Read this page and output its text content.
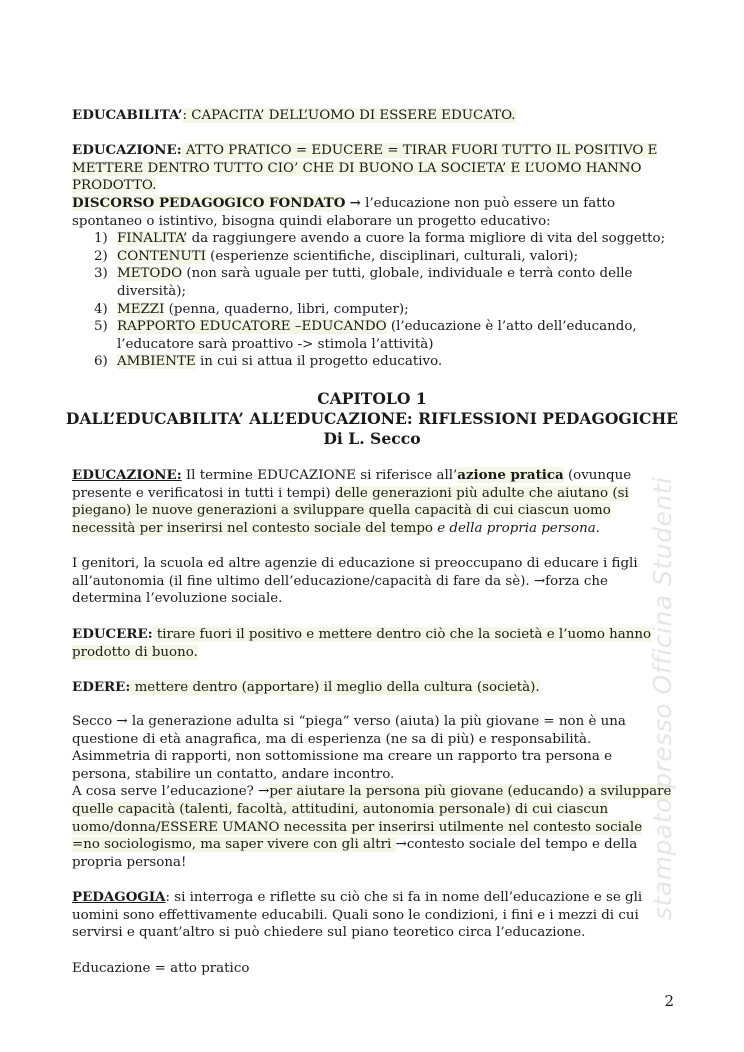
EDUCABILITA’: CAPACITA’ DELL’UOMO DI ESSERE EDUCATO.
EDUCAZIONE: ATTO PRATICO = EDUCERE = TIRAR FUORI TUTTO IL POSITIVO E METTERE DENTRO TUTTO CIO’ CHE DI BUONO LA SOCIETA’ E L’UOMO HANNO PRODOTTO.
DISCORSO PEDAGOGICO FONDATO → l’educazione non può essere un fatto spontaneo o istintivo, bisogna quindi elaborare un progetto educativo:
1) FINALITA’ da raggiungere avendo a cuore la forma migliore di vita del soggetto;
2) CONTENUTI (esperienze scientifiche, disciplinari, culturali, valori);
3) METODO (non sarà uguale per tutti, globale, individuale e terrà conto delle diversità);
4) MEZZI (penna, quaderno, libri, computer);
5) RAPPORTO EDUCATORE –EDUCANDO (l’educazione è l’atto dell’educando, l’educatore sarà proattivo -> stimola l’attività)
6) AMBIENTE in cui si attua il progetto educativo.
CAPITOLO 1
DALL’EDUCABILITA’ ALL’EDUCAZIONE: RIFLESSIONI PEDAGOGICHE
Di L. Secco
EDUCAZIONE: Il termine EDUCAZIONE si riferisce all’azione pratica (ovunque presente e verificatosi in tutti i tempi) delle generazioni più adulte che aiutano (si piegano) le nuove generazioni a sviluppare quella capacità di cui ciascun uomo necessità per inserirsi nel contesto sociale del tempo e della propria persona.
I genitori, la scuola ed altre agenzie di educazione si preoccupano di educare i figli all’autonomia (il fine ultimo dell’educazione/capacità di fare da sè). →forza che determina l’evoluzione sociale.
EDUCERE: tirare fuori il positivo e mettere dentro ciò che la società e l’uomo hanno prodotto di buono.
EDERE: mettere dentro (apportare) il meglio della cultura (società).
Secco → la generazione adulta si “piega” verso (aiuta) la più giovane = non è una questione di età anagrafica, ma di esperienza (ne sa di più) e responsabilità. Asimmetria di rapporti, non sottomissione ma creare un rapporto tra persona e persona, stabilire un contatto, andare incontro.
A cosa serve l’educazione? →per aiutare la persona più giovane (educando) a sviluppare quelle capacità (talenti, facoltà, attitudini, autonomia personale) di cui ciascun uomo/donna/ESSERE UMANO necessita per inserirsi utilmente nel contesto sociale =no sociologismo, ma saper vivere con gli altri →contesto sociale del tempo e della propria persona!
PEDAGOGIA: si interroga e riflette su ciò che si fa in nome dell’educazione e se gli uomini sono effettivamente educabili. Quali sono le condizioni, i fini e i mezzi di cui servirsi e quant’altro si può chiedere sul piano teoretico circa l’educazione.
Educazione = atto pratico
stampato presso Officina Studenti
2
